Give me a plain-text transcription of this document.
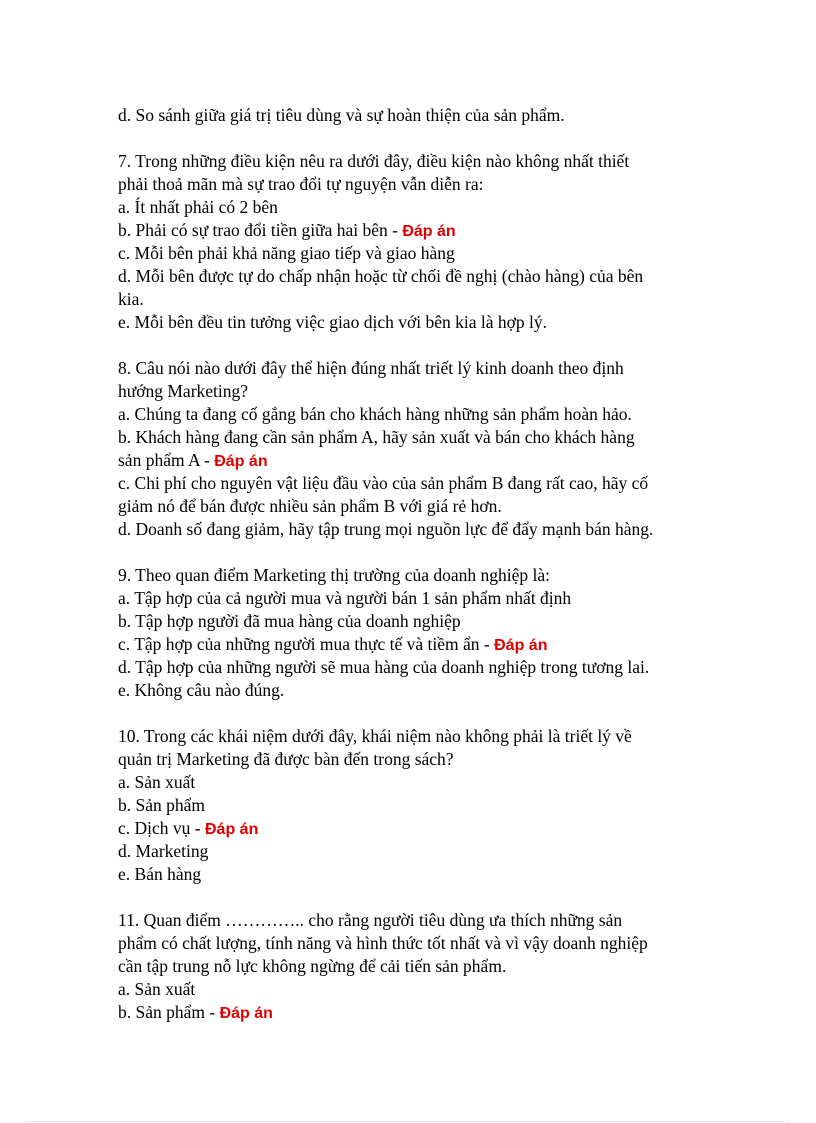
d. So sánh giữa giá trị tiêu dùng và sự hoàn thiện của sản phẩm.
7. Trong những điều kiện nêu ra dưới đây, điều kiện nào không nhất thiết
phải thoả mãn mà sự trao đổi tự nguyện vẫn diễn ra:
a. Ít nhất phải có 2 bên
b. Phải có sự trao đổi tiền giữa hai bên - Đáp án
c. Mỗi bên phải khả năng giao tiếp và giao hàng
d. Mỗi bên được tự do chấp nhận hoặc từ chối đề nghị (chào hàng) của bên
kia.
e. Mỗi bên đều tin tưởng việc giao dịch với bên kia là hợp lý.
8. Câu nói nào dưới đây thể hiện đúng nhất triết lý kinh doanh theo định
hướng Marketing?
a. Chúng ta đang cố gắng bán cho khách hàng những sản phẩm hoàn hảo.
b. Khách hàng đang cần sản phẩm A, hãy sản xuất và bán cho khách hàng
sản phẩm A - Đáp án
c. Chi phí cho nguyên vật liệu đầu vào của sản phẩm B đang rất cao, hãy cố
giảm nó để bán được nhiều sản phẩm B với giá rẻ hơn.
d. Doanh số đang giảm, hãy tập trung mọi nguồn lực để đẩy mạnh bán hàng.
9. Theo quan điểm Marketing thị trường của doanh nghiệp là:
a. Tập hợp của cả người mua và người bán 1 sản phẩm nhất định
b. Tập hợp người đã mua hàng của doanh nghiệp
c. Tập hợp của những người mua thực tế và tiềm ẩn - Đáp án
d. Tập hợp của những người sẽ mua hàng của doanh nghiệp trong tương lai.
e. Không câu nào đúng.
10. Trong các khái niệm dưới đây, khái niệm nào không phải là triết lý về
quản trị Marketing đã được bàn đến trong sách?
a. Sản xuất
b. Sản phẩm
c. Dịch vụ - Đáp án
d. Marketing
e. Bán hàng
11. Quan điểm ………….. cho rằng người tiêu dùng ưa thích những sản
phẩm có chất lượng, tính năng và hình thức tốt nhất và vì vậy doanh nghiệp
cần tập trung nỗ lực không ngừng để cải tiến sản phẩm.
a. Sản xuất
b. Sản phẩm - Đáp án
